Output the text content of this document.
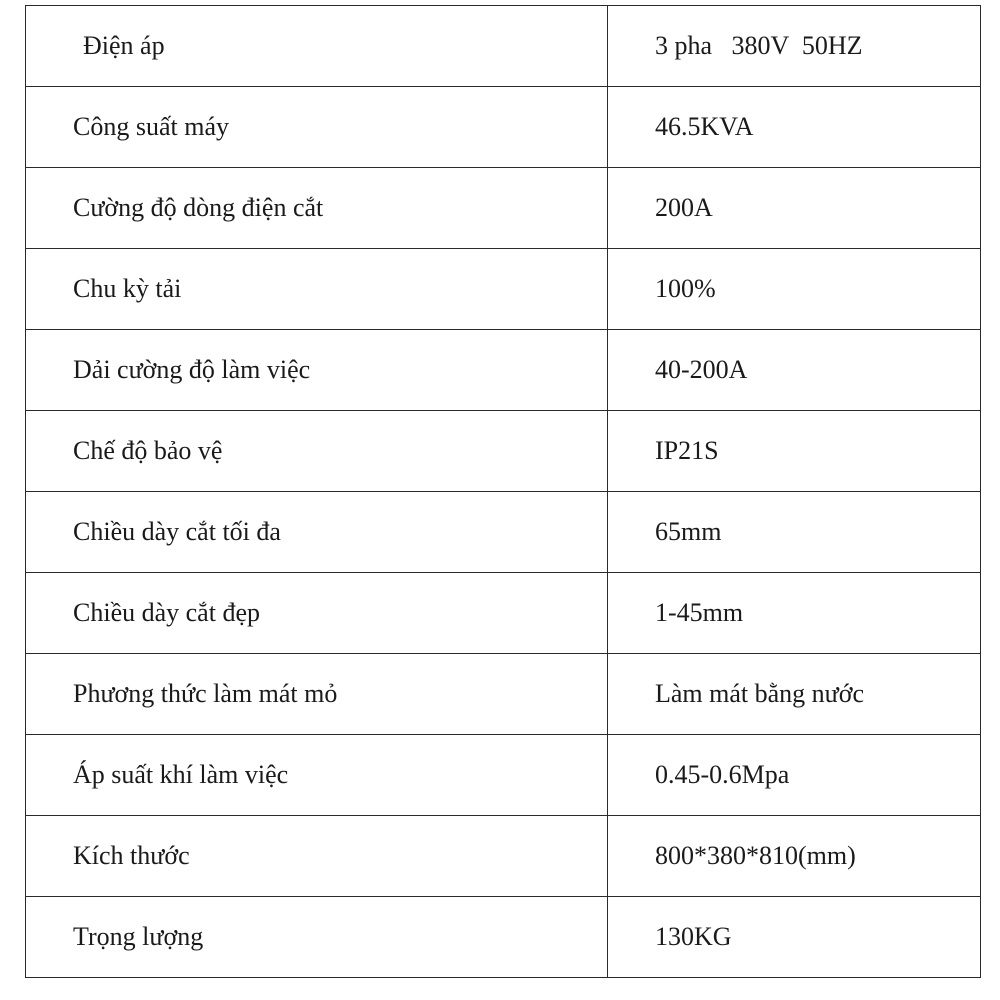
Điện áp	3 pha   380V  50HZ
Công suất máy	46.5KVA
Cường độ dòng điện cắt	200A
Chu kỳ tải	100%
Dải cường độ làm việc	40-200A
Chế độ bảo vệ	IP21S
Chiều dày cắt tối đa	65mm
Chiều dày cắt đẹp	1-45mm
Phương thức làm mát mỏ	Làm mát bằng nước
Áp suất khí làm việc	0.45-0.6Mpa
Kích thước	800*380*810(mm)
Trọng lượng	130KG
